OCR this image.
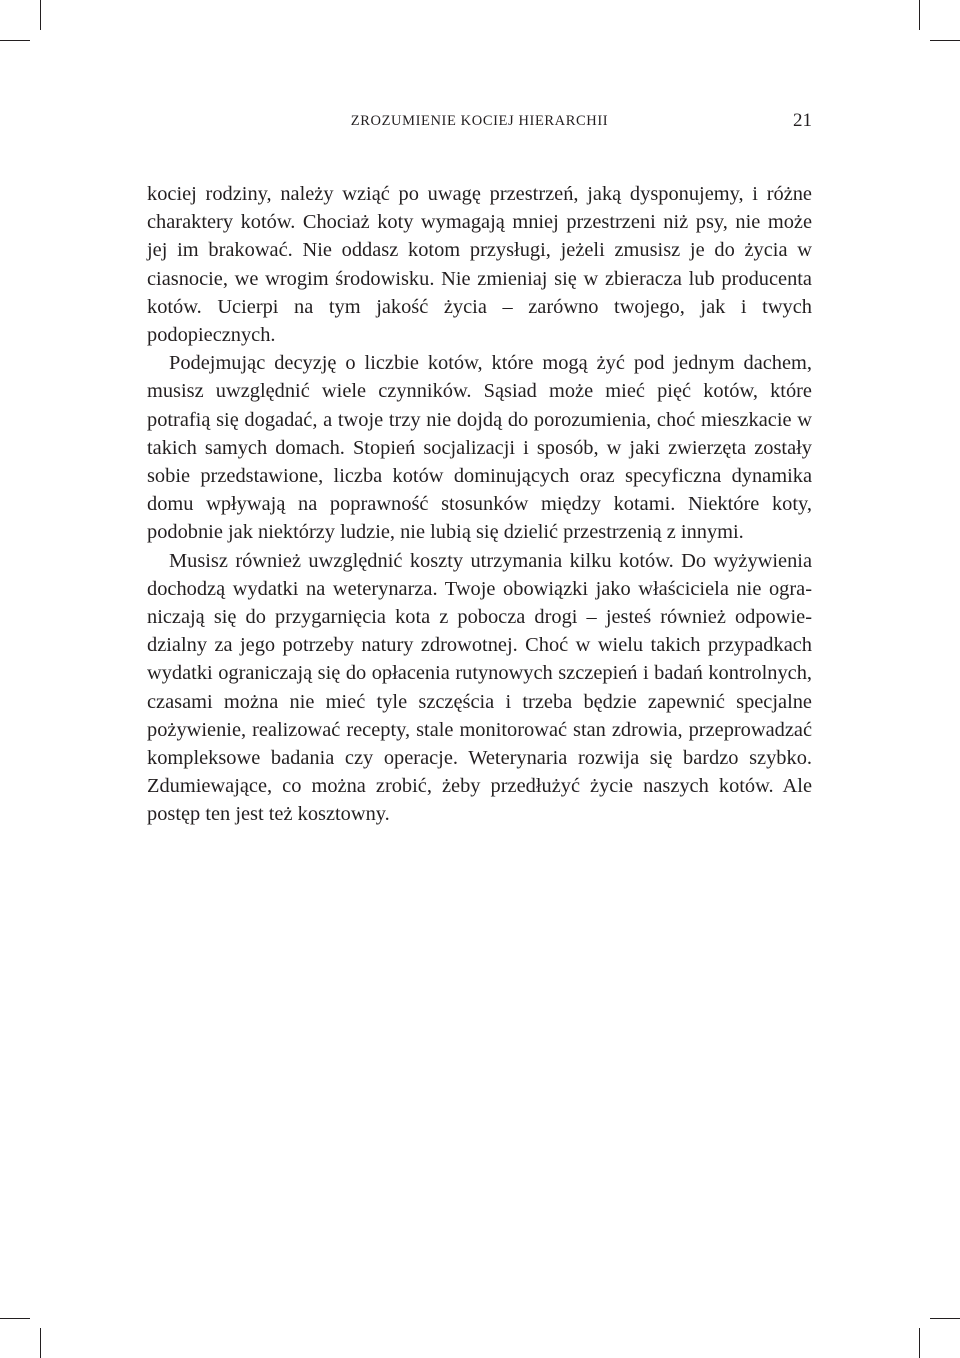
ZROZUMIENIE KOCIEJ HIERARCHII	21

kociej rodziny, należy wziąć po uwagę przestrzeń, jaką dysponujemy, i różne charaktery kotów. Chociaż koty wymagają mniej przestrzeni niż psy, nie może jej im brakować. Nie oddasz kotom przysługi, jeżeli zmusisz je do życia w ciasnocie, we wrogim środowisku. Nie zmieniaj się w zbieracza lub producenta kotów. Ucierpi na tym jakość życia – zarówno twojego, jak i twych podopiecznych.

Podejmując decyzję o liczbie kotów, które mogą żyć pod jednym dachem, musisz uwzględnić wiele czynników. Sąsiad może mieć pięć kotów, które potrafią się dogadać, a twoje trzy nie dojdą do porozumienia, choć mieszkacie w takich samych domach. Stopień socjalizacji i sposób, w jaki zwierzęta zostały sobie przedstawione, liczba kotów dominujących oraz specyficzna dynamika domu wpływają na poprawność stosunków między kotami. Niektóre koty, podobnie jak niektórzy ludzie, nie lubią się dzielić przestrzenią z innymi.

Musisz również uwzględnić koszty utrzymania kilku kotów. Do wyżywienia dochodzą wydatki na weterynarza. Twoje obowiązki jako właściciela nie ograniczają się do przygarnięcia kota z pobocza drogi – jesteś również odpowiedzialny za jego potrzeby natury zdrowotnej. Choć w wielu takich przypadkach wydatki ograniczają się do opłacenia rutynowych szczepień i badań kontrolnych, czasami można nie mieć tyle szczęścia i trzeba będzie zapewnić specjalne pożywienie, realizować recepty, stale monitorować stan zdrowia, przeprowadzać kompleksowe badania czy operacje. Weterynaria rozwija się bardzo szybko. Zdumiewające, co można zrobić, żeby przedłużyć życie naszych kotów. Ale postęp ten jest też kosztowny.
